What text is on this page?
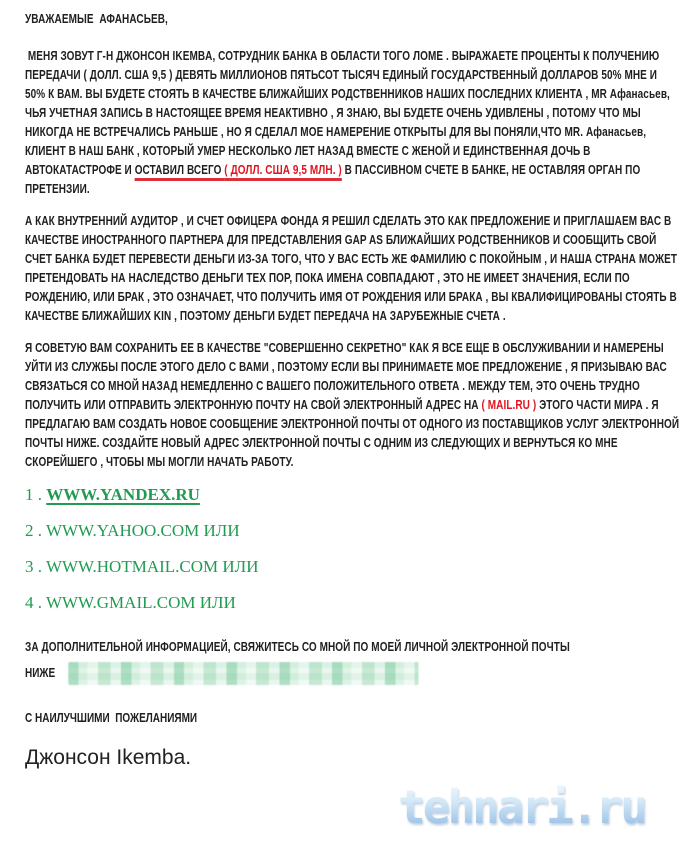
УВАЖАЕМЫЕ  АФАНАСЬЕВ,

МЕНЯ ЗОВУТ Г-Н ДЖОНСОН IKEMBA, СОТРУДНИК БАНКА В ОБЛАСТИ ТОГО ЛОМЕ . ВЫРАЖАЕТЕ ПРОЦЕНТЫ К ПОЛУЧЕНИЮ ПЕРЕДАЧИ ( ДОЛЛ. США 9,5 ) ДЕВЯТЬ МИЛЛИОНОВ ПЯТЬСОТ ТЫСЯЧ ЕДИНЫЙ ГОСУДАРСТВЕННЫЙ ДОЛЛАРОВ 50% МНЕ И 50% К ВАМ. ВЫ БУДЕТЕ СТОЯТЬ В КАЧЕСТВЕ БЛИЖАЙШИХ РОДСТВЕННИКОВ НАШИХ ПОСЛЕДНИХ КЛИЕНТА , MR Афанасьев, ЧЬЯ УЧЕТНАЯ ЗАПИСЬ В НАСТОЯЩЕЕ ВРЕМЯ НЕАКТИВНО , Я ЗНАЮ, ВЫ БУДЕТЕ ОЧЕНЬ УДИВЛЕНЫ , ПОТОМУ ЧТО МЫ НИКОГДА НЕ ВСТРЕЧАЛИСЬ РАНЬШЕ , НО Я СДЕЛАЛ МОЕ НАМЕРЕНИЕ ОТКРЫТЫ ДЛЯ ВЫ ПОНЯЛИ,ЧТО MR. Афанасьев,  КЛИЕНТ В НАШ БАНК , КОТОРЫЙ УМЕР НЕСКОЛЬКО ЛЕТ НАЗАД ВМЕСТЕ С ЖЕНОЙ И ЕДИНСТВЕННАЯ ДОЧЬ В АВТОКАТАСТРОФЕ И ОСТАВИЛ ВСЕГО ( ДОЛЛ. США 9,5 МЛН. ) В ПАССИВНОМ СЧЕТЕ В БАНКЕ, НЕ ОСТАВЛЯЯ ОРГАН ПО ПРЕТЕНЗИИ.

А КАК ВНУТРЕННИЙ АУДИТОР , И СЧЕТ ОФИЦЕРА ФОНДА Я РЕШИЛ СДЕЛАТЬ ЭТО КАК ПРЕДЛОЖЕНИЕ И ПРИГЛАШАЕМ ВАС В КАЧЕСТВЕ ИНОСТРАННОГО ПАРТНЕРА ДЛЯ ПРЕДСТАВЛЕНИЯ GAP AS БЛИЖАЙШИХ РОДСТВЕННИКОВ И СООБЩИТЬ СВОЙ СЧЕТ БАНКА БУДЕТ ПЕРЕВЕСТИ ДЕНЬГИ ИЗ-ЗА ТОГО, ЧТО У ВАС ЕСТЬ ЖЕ ФАМИЛИЮ С ПОКОЙНЫМ , И НАША СТРАНА МОЖЕТ ПРЕТЕНДОВАТЬ НА НАСЛЕДСТВО ДЕНЬГИ ТЕХ ПОР, ПОКА ИМЕНА СОВПАДАЮТ , ЭТО НЕ ИМЕЕТ ЗНАЧЕНИЯ, ЕСЛИ ПО РОЖДЕНИЮ, ИЛИ БРАК , ЭТО ОЗНАЧАЕТ, ЧТО ПОЛУЧИТЬ ИМЯ ОТ РОЖДЕНИЯ ИЛИ БРАКА , ВЫ КВАЛИФИЦИРОВАНЫ СТОЯТЬ В КАЧЕСТВЕ БЛИЖАЙШИХ KIN , ПОЭТОМУ ДЕНЬГИ БУДЕТ ПЕРЕДАЧА НА ЗАРУБЕЖНЫЕ СЧЕТА .

Я СОВЕТУЮ ВАМ СОХРАНИТЬ ЕЕ В КАЧЕСТВЕ "СОВЕРШЕННО СЕКРЕТНО" КАК Я ВСЕ ЕЩЕ В ОБСЛУЖИВАНИИ И НАМЕРЕНЫ УЙТИ ИЗ СЛУЖБЫ ПОСЛЕ ЭТОГО ДЕЛО С ВАМИ , ПОЭТОМУ ЕСЛИ ВЫ ПРИНИМАЕТЕ МОЕ ПРЕДЛОЖЕНИЕ , Я ПРИЗЫВАЮ ВАС СВЯЗАТЬСЯ СО МНОЙ НАЗАД НЕМЕДЛЕННО С ВАШЕГО ПОЛОЖИТЕЛЬНОГО ОТВЕТА . МЕЖДУ ТЕМ, ЭТО ОЧЕНЬ ТРУДНО ПОЛУЧИТЬ ИЛИ ОТПРАВИТЬ ЭЛЕКТРОННУЮ ПОЧТУ НА СВОЙ ЭЛЕКТРОННЫЙ АДРЕС НА ( MAIL.RU ) ЭТОГО ЧАСТИ МИРА . Я ПРЕДЛАГАЮ ВАМ СОЗДАТЬ НОВОЕ СООБЩЕНИЕ ЭЛЕКТРОННОЙ ПОЧТЫ ОТ ОДНОГО ИЗ ПОСТАВЩИКОВ УСЛУГ ЭЛЕКТРОННОЙ ПОЧТЫ НИЖЕ. СОЗДАЙТЕ НОВЫЙ АДРЕС ЭЛЕКТРОННОЙ ПОЧТЫ С ОДНИМ ИЗ СЛЕДУЮЩИХ И ВЕРНУТЬСЯ КО МНЕ СКОРЕЙШЕГО , ЧТОБЫ МЫ МОГЛИ НАЧАТЬ РАБОТУ.

1 . WWW.YANDEX.RU
2 . WWW.YAHOO.COM ИЛИ
3 . WWW.HOTMAIL.COM ИЛИ
4 . WWW.GMAIL.COM ИЛИ

ЗА ДОПОЛНИТЕЛЬНОЙ ИНФОРМАЦИЕЙ, СВЯЖИТЕСЬ СО МНОЙ ПО МОЕЙ ЛИЧНОЙ ЭЛЕКТРОННОЙ ПОЧТЫ

НИЖЕ

С НАИЛУЧШИМИ  ПОЖЕЛАНИЯМИ

Джонсон Ikemba.

tehnari.ru
